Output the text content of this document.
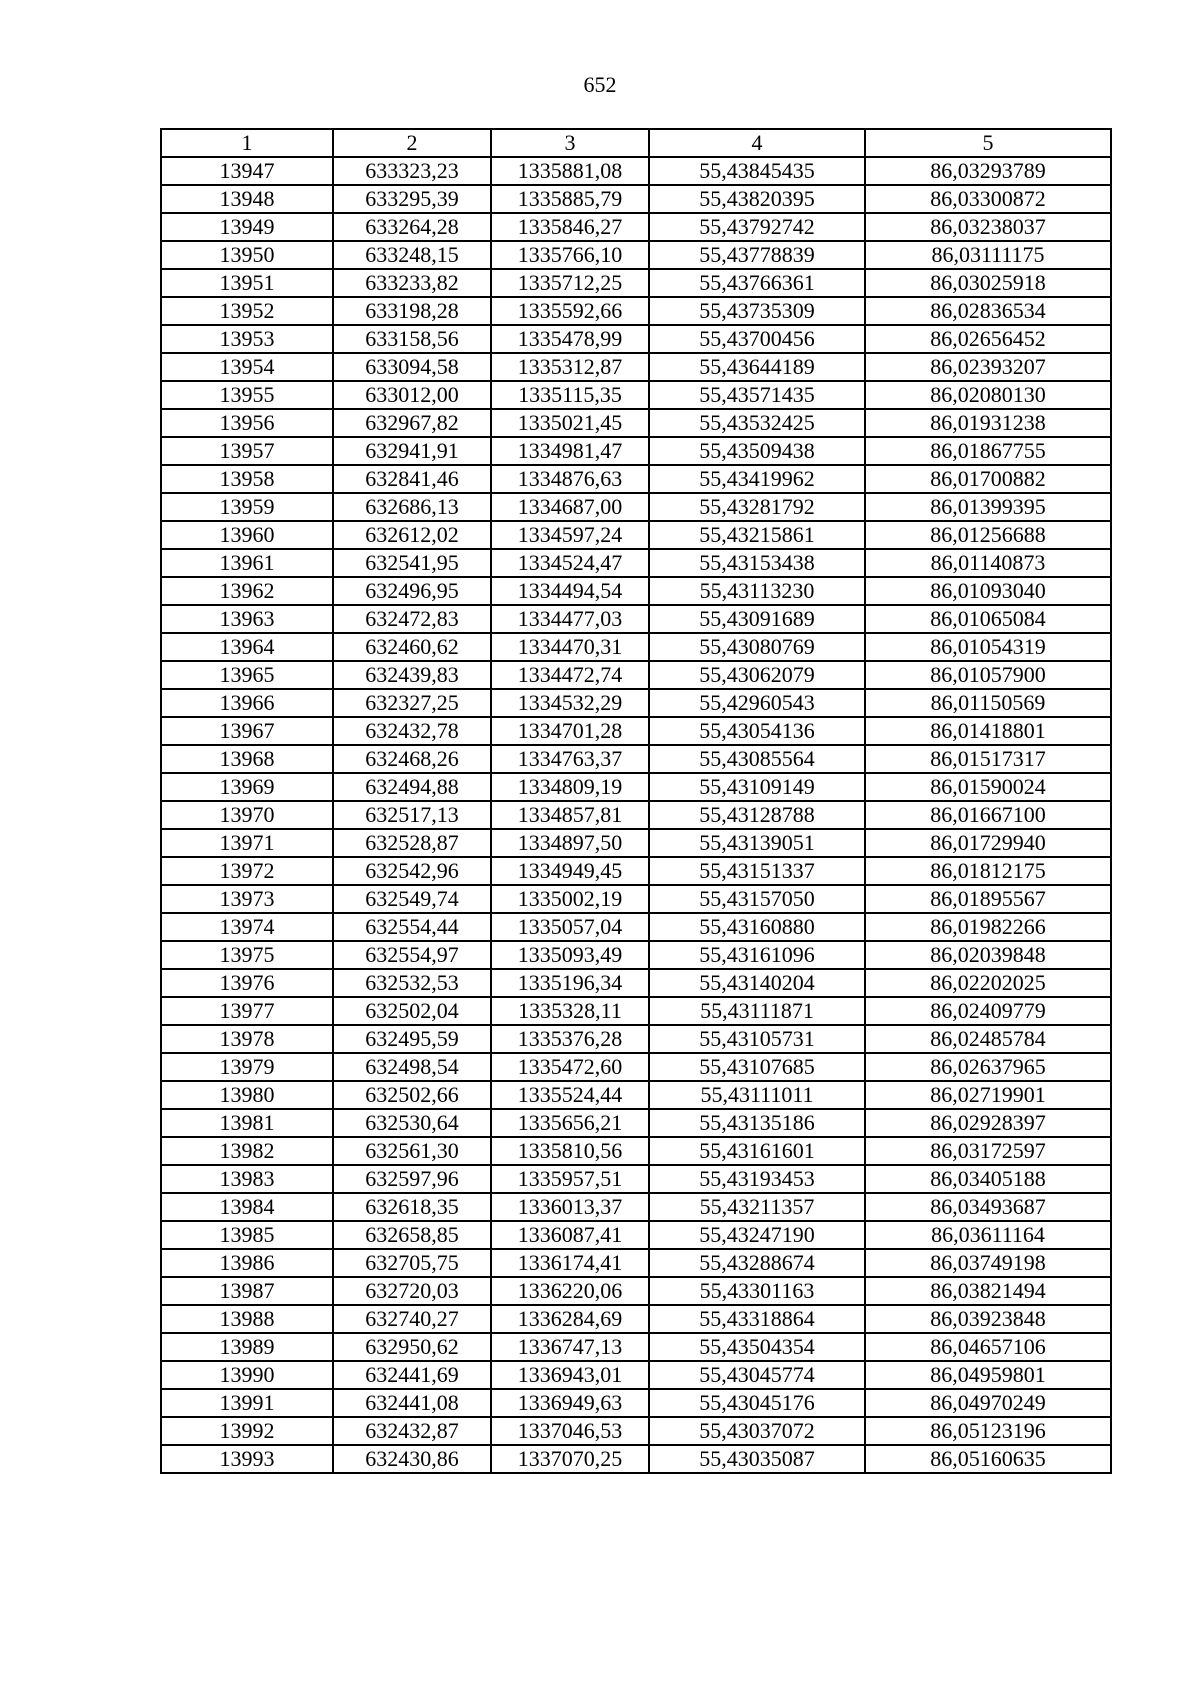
652
1	2	3	4	5
13947	633323,23	1335881,08	55,43845435	86,03293789
13948	633295,39	1335885,79	55,43820395	86,03300872
13949	633264,28	1335846,27	55,43792742	86,03238037
13950	633248,15	1335766,10	55,43778839	86,03111175
13951	633233,82	1335712,25	55,43766361	86,03025918
13952	633198,28	1335592,66	55,43735309	86,02836534
13953	633158,56	1335478,99	55,43700456	86,02656452
13954	633094,58	1335312,87	55,43644189	86,02393207
13955	633012,00	1335115,35	55,43571435	86,02080130
13956	632967,82	1335021,45	55,43532425	86,01931238
13957	632941,91	1334981,47	55,43509438	86,01867755
13958	632841,46	1334876,63	55,43419962	86,01700882
13959	632686,13	1334687,00	55,43281792	86,01399395
13960	632612,02	1334597,24	55,43215861	86,01256688
13961	632541,95	1334524,47	55,43153438	86,01140873
13962	632496,95	1334494,54	55,43113230	86,01093040
13963	632472,83	1334477,03	55,43091689	86,01065084
13964	632460,62	1334470,31	55,43080769	86,01054319
13965	632439,83	1334472,74	55,43062079	86,01057900
13966	632327,25	1334532,29	55,42960543	86,01150569
13967	632432,78	1334701,28	55,43054136	86,01418801
13968	632468,26	1334763,37	55,43085564	86,01517317
13969	632494,88	1334809,19	55,43109149	86,01590024
13970	632517,13	1334857,81	55,43128788	86,01667100
13971	632528,87	1334897,50	55,43139051	86,01729940
13972	632542,96	1334949,45	55,43151337	86,01812175
13973	632549,74	1335002,19	55,43157050	86,01895567
13974	632554,44	1335057,04	55,43160880	86,01982266
13975	632554,97	1335093,49	55,43161096	86,02039848
13976	632532,53	1335196,34	55,43140204	86,02202025
13977	632502,04	1335328,11	55,43111871	86,02409779
13978	632495,59	1335376,28	55,43105731	86,02485784
13979	632498,54	1335472,60	55,43107685	86,02637965
13980	632502,66	1335524,44	55,43111011	86,02719901
13981	632530,64	1335656,21	55,43135186	86,02928397
13982	632561,30	1335810,56	55,43161601	86,03172597
13983	632597,96	1335957,51	55,43193453	86,03405188
13984	632618,35	1336013,37	55,43211357	86,03493687
13985	632658,85	1336087,41	55,43247190	86,03611164
13986	632705,75	1336174,41	55,43288674	86,03749198
13987	632720,03	1336220,06	55,43301163	86,03821494
13988	632740,27	1336284,69	55,43318864	86,03923848
13989	632950,62	1336747,13	55,43504354	86,04657106
13990	632441,69	1336943,01	55,43045774	86,04959801
13991	632441,08	1336949,63	55,43045176	86,04970249
13992	632432,87	1337046,53	55,43037072	86,05123196
13993	632430,86	1337070,25	55,43035087	86,05160635
